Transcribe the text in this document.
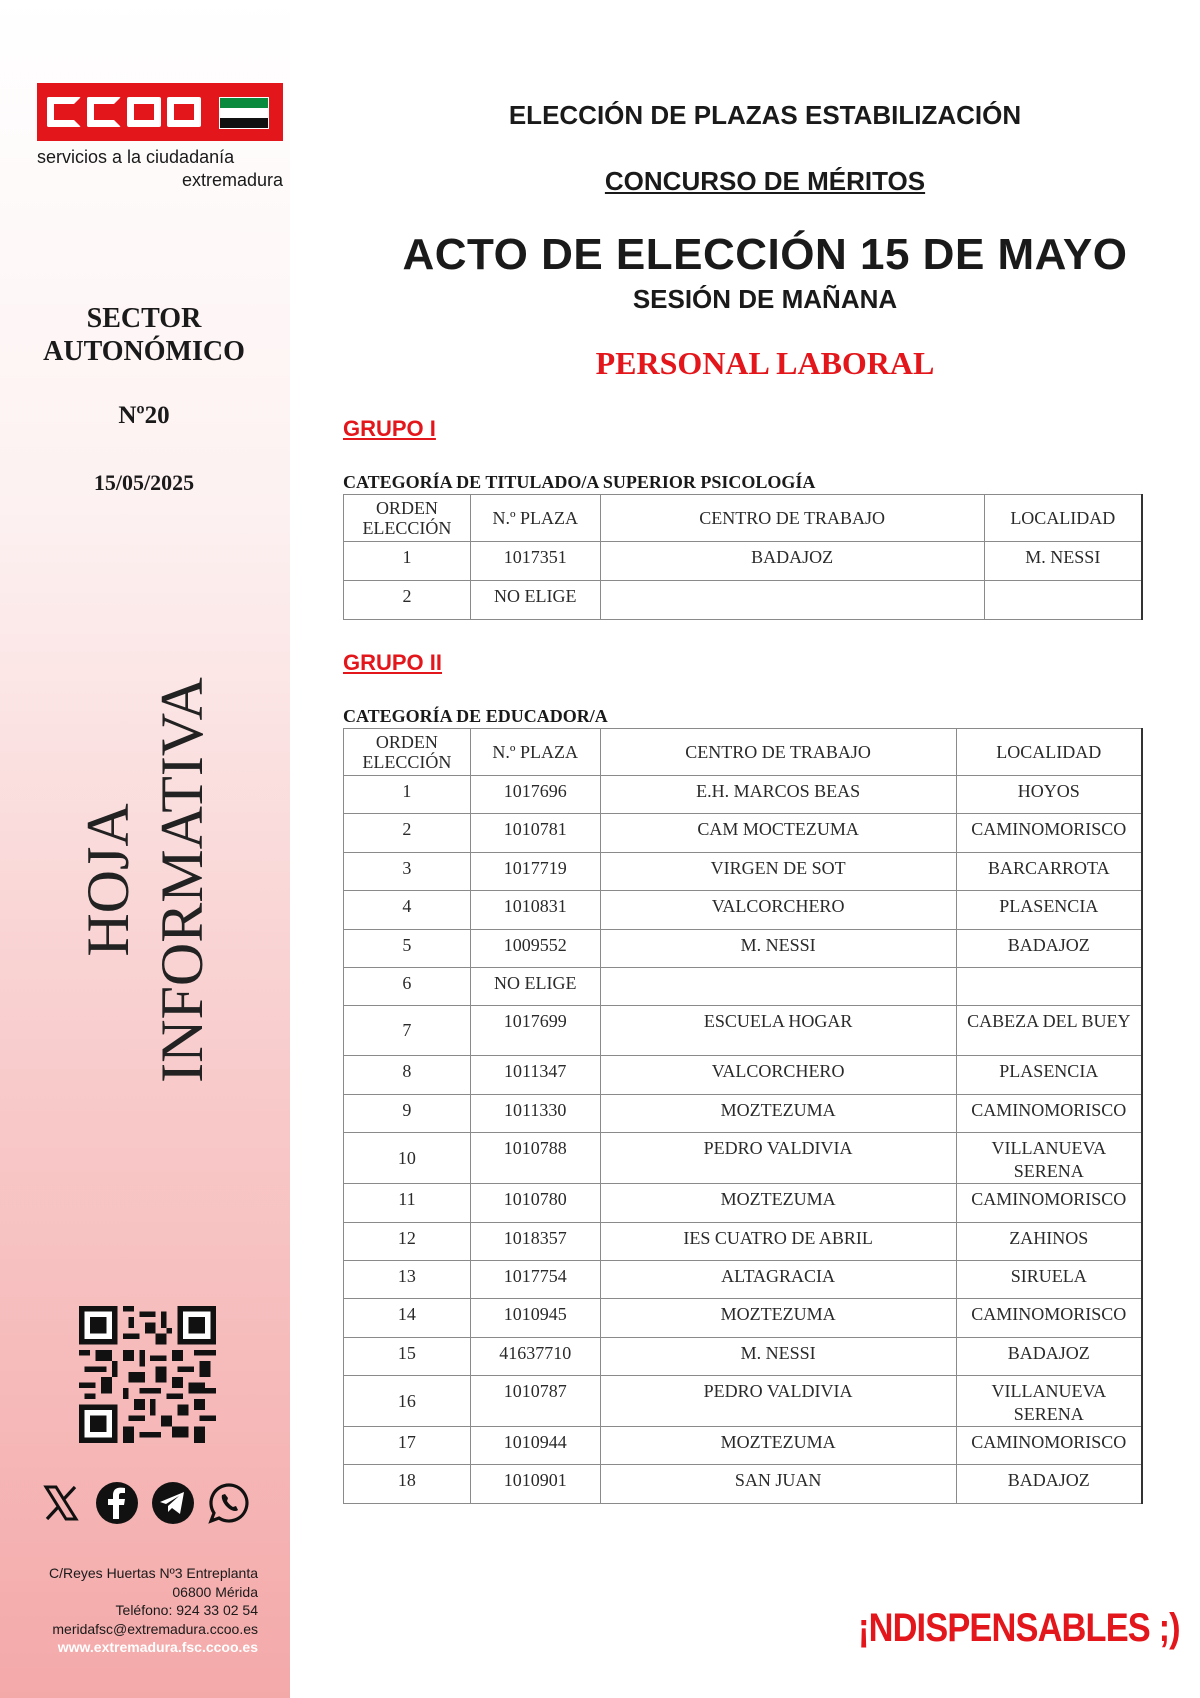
servicios a la ciudadanía
extremadura
SECTOR
AUTONÓMICO
Nº20
15/05/2025
HOJA INFORMATIVA
C/Reyes Huertas Nº3 Entreplanta
06800 Mérida
Teléfono: 924 33 02 54
meridafsc@extremadura.ccoo.es
www.extremadura.fsc.ccoo.es
ELECCIÓN DE PLAZAS ESTABILIZACIÓN
CONCURSO DE MÉRITOS
ACTO DE ELECCIÓN 15 DE MAYO
SESIÓN DE MAÑANA
PERSONAL LABORAL
GRUPO I
CATEGORÍA DE TITULADO/A SUPERIOR PSICOLOGÍA
ORDEN
ELECCIÓN	N.º PLAZA	CENTRO DE TRABAJO	LOCALIDAD
1	1017351	BADAJOZ	M. NESSI
2	NO ELIGE		
GRUPO II
CATEGORÍA DE EDUCADOR/A
ORDEN
ELECCIÓN	N.º PLAZA	CENTRO DE TRABAJO	LOCALIDAD
1	1017696	E.H. MARCOS BEAS	HOYOS
2	1010781	CAM MOCTEZUMA	CAMINOMORISCO
3	1017719	VIRGEN DE SOT	BARCARROTA
4	1010831	VALCORCHERO	PLASENCIA
5	1009552	M. NESSI	BADAJOZ
6	NO ELIGE		
7	1017699	ESCUELA HOGAR	CABEZA DEL BUEY
8	1011347	VALCORCHERO	PLASENCIA
9	1011330	MOZTEZUMA	CAMINOMORISCO
10	1010788	PEDRO VALDIVIA	VILLANUEVA SERENA
11	1010780	MOZTEZUMA	CAMINOMORISCO
12	1018357	IES CUATRO DE ABRIL	ZAHINOS
13	1017754	ALTAGRACIA	SIRUELA
14	1010945	MOZTEZUMA	CAMINOMORISCO
15	41637710	M. NESSI	BADAJOZ
16	1010787	PEDRO VALDIVIA	VILLANUEVA SERENA
17	1010944	MOZTEZUMA	CAMINOMORISCO
18	1010901	SAN JUAN	BADAJOZ
¡NDISPENSABLES ;)
